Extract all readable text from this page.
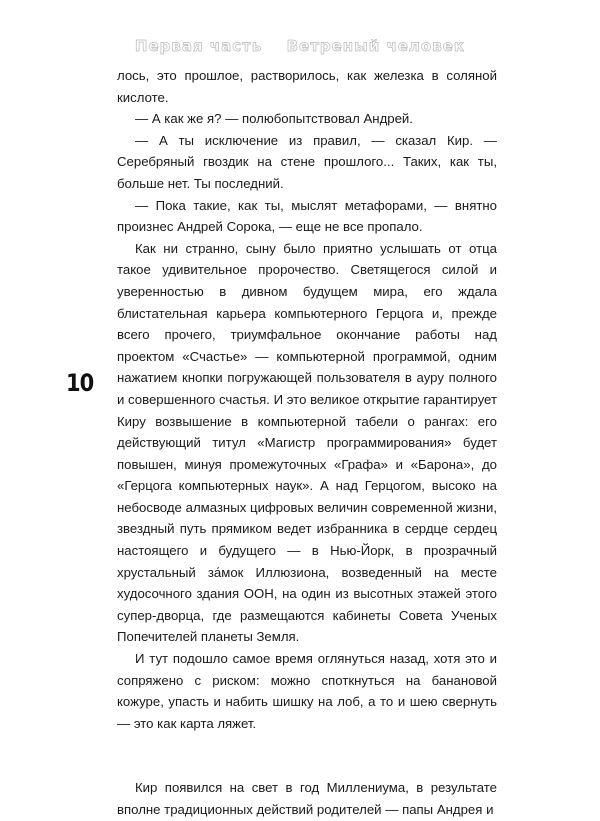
Первая часть Ветреный человек
10

лось, это прошлое, растворилось, как железка в соляной кислоте.

— А как же я? — полюбопытствовал Андрей.

— А ты исключение из правил, — сказал Кир. — Серебряный гвоздик на стене прошлого... Таких, как ты, больше нет. Ты последний.

— Пока такие, как ты, мыслят метафорами, — внятно произнес Андрей Сорока, — еще не все пропало.

Как ни странно, сыну было приятно услышать от отца такое удивительное пророчество. Светящегося силой и уверенностью в дивном будущем мира, его ждала блистательная карьера компьютерного Герцога и, прежде всего прочего, триумфальное окончание работы над проектом «Счастье» — компьютерной программой, одним нажатием кнопки погружающей пользователя в ауру полного и совершенного счастья. И это великое открытие гарантирует Киру возвышение в компьютерной табели о рангах: его действующий титул «Магистр программирования» будет повышен, минуя промежуточных «Графа» и «Барона», до «Герцога компьютерных наук». А над Герцогом, высоко на небосводе алмазных цифровых величин современной жизни, звездный путь прямиком ведет избранника в сердце сердец настоящего и будущего — в Нью-Йорк, в прозрачный хрустальный за́мок Иллюзиона, возведенный на месте худосочного здания ООН, на один из высотных этажей этого супер-дворца, где размещаются кабинеты Совета Ученых Попечителей планеты Земля.

И тут подошло самое время оглянуться назад, хотя это и сопряжено с риском: можно споткнуться на банановой кожуре, упасть и набить шишку на лоб, а то и шею свернуть — это как карта ляжет.

Кир появился на свет в год Миллениума, в результате вполне традиционных действий родителей — папы Андрея и
